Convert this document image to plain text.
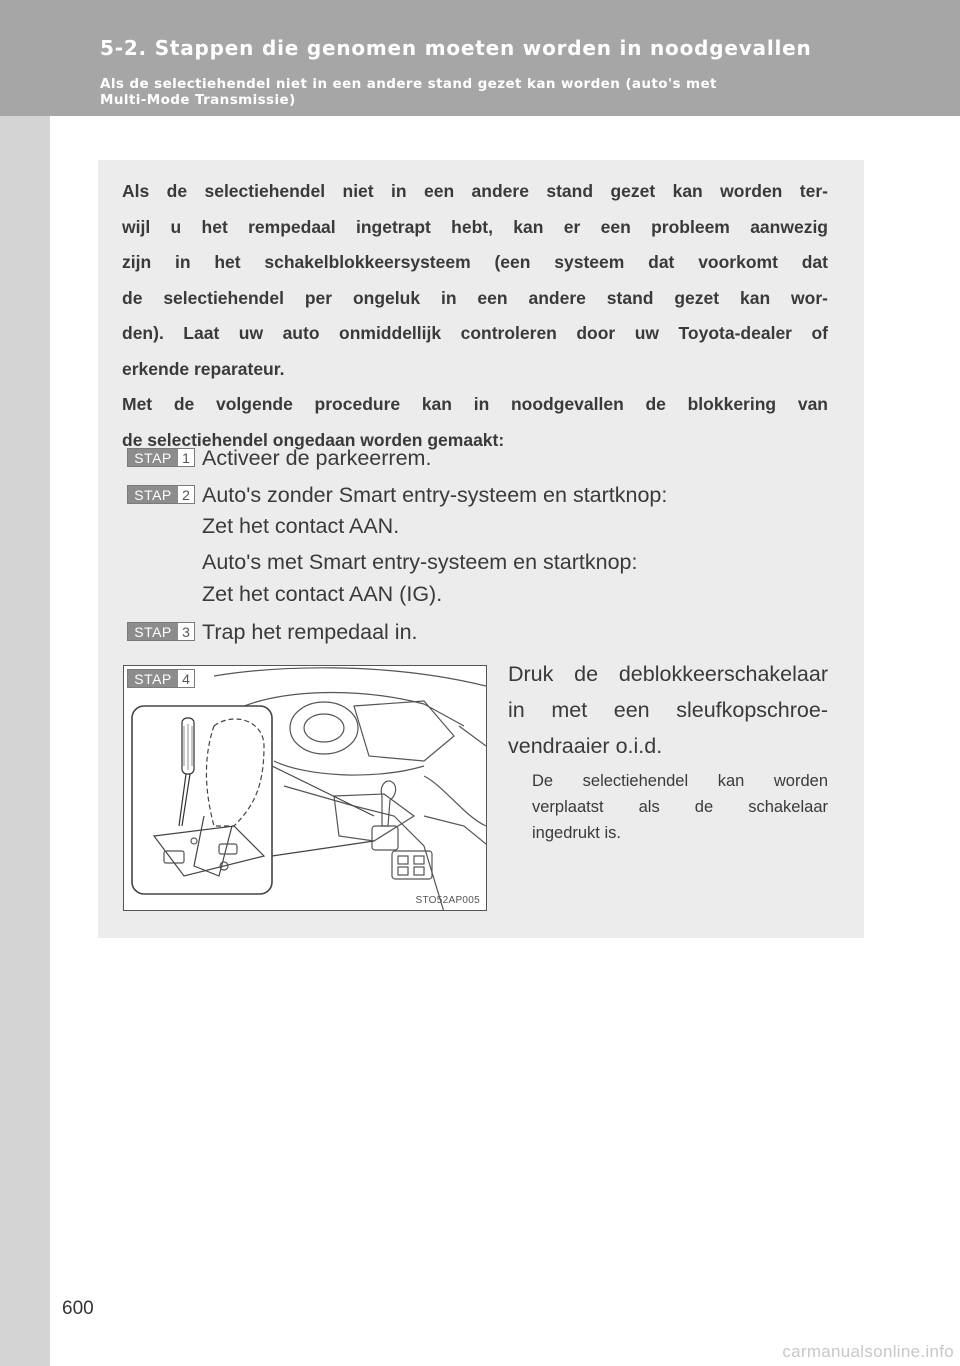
5-2. Stappen die genomen moeten worden in noodgevallen
Als de selectiehendel niet in een andere stand gezet kan worden (auto's met
Multi-Mode Transmissie)

Als de selectiehendel niet in een andere stand gezet kan worden ter-
wijl u het rempedaal ingetrapt hebt, kan er een probleem aanwezig
zijn in het schakelblokkeersysteem (een systeem dat voorkomt dat
de selectiehendel per ongeluk in een andere stand gezet kan wor-
den). Laat uw auto onmiddellijk controleren door uw Toyota-dealer of
erkende reparateur.
Met de volgende procedure kan in noodgevallen de blokkering van
de selectiehendel ongedaan worden gemaakt:

STAP 1 Activeer de parkeerrem.
STAP 2 Auto's zonder Smart entry-systeem en startknop:
Zet het contact AAN.
Auto's met Smart entry-systeem en startknop:
Zet het contact AAN (IG).
STAP 3 Trap het rempedaal in.
STO52AP005
STAP 4	Druk de deblokkeerschakelaar
in met een sleufkopschroe-
vendraaier o.i.d.
De selectiehendel kan worden
verplaatst als de schakelaar
ingedrukt is.
600
carmanualsonline.info
